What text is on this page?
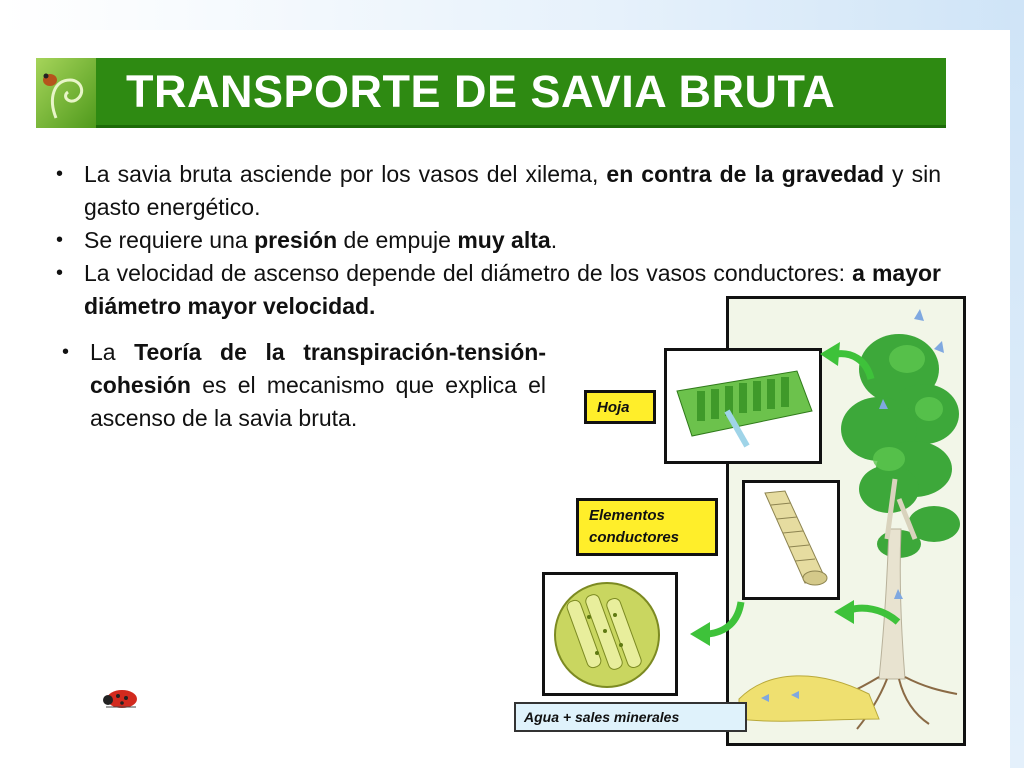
TRANSPORTE DE SAVIA BRUTA
• La savia bruta asciende por los vasos del xilema, en contra de la gravedad y sin gasto energético.
• Se requiere una presión de empuje muy alta.
• La velocidad de ascenso depende del diámetro de los vasos conductores: a mayor diámetro mayor velocidad.
• La Teoría de la transpiración-tensión-cohesión es el mecanismo que explica el ascenso de la savia bruta.	Hoja
Elementos conductores
Agua + sales minerales
